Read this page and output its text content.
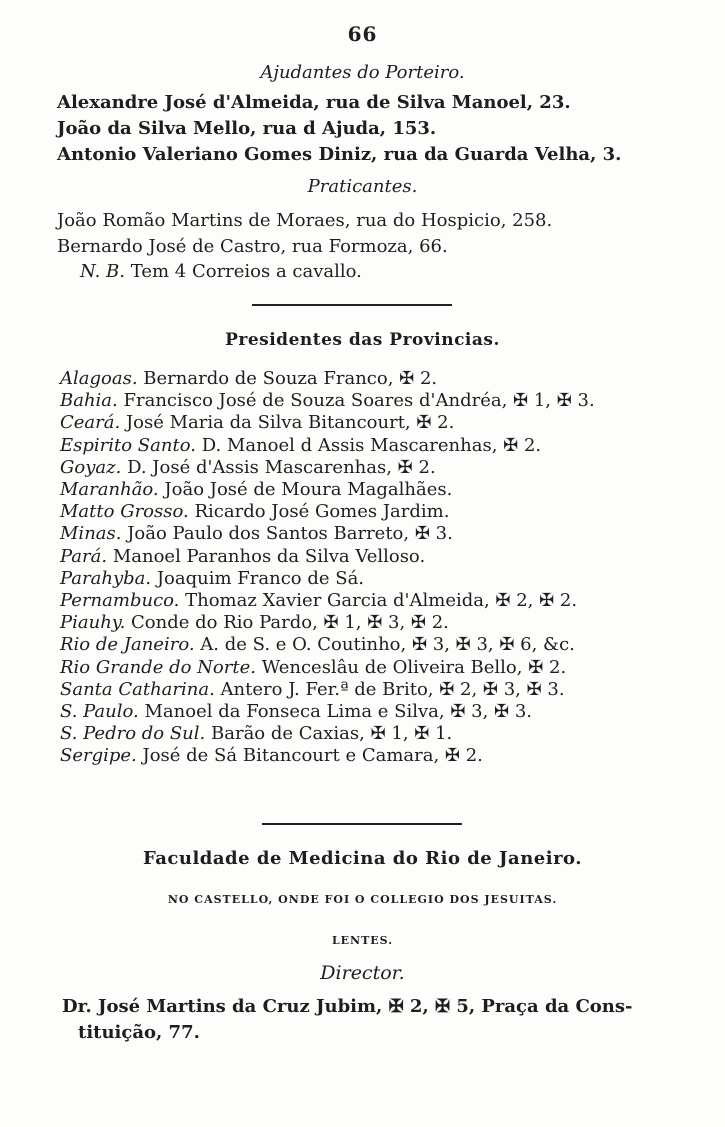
66
Ajudantes do Porteiro.
Alexandre José d'Almeida, rua de Silva Manoel, 23.
João da Silva Mello, rua d Ajuda, 153.
Antonio Valeriano Gomes Diniz, rua da Guarda Velha, 3.
Praticantes.
João Romão Martins de Moraes, rua do Hospicio, 258.
Bernardo José de Castro, rua Formoza, 66.
N. B. Tem 4 Correios a cavallo.
Presidentes das Provincias.
Alagoas. Bernardo de Souza Franco, ✠ 2.
Bahia. Francisco José de Souza Soares d'Andréa, ✠ 1, ✠ 3.
Ceará. José Maria da Silva Bitancourt, ✠ 2.
Espirito Santo. D. Manoel d Assis Mascarenhas, ✠ 2.
Goyaz. D. José d'Assis Mascarenhas, ✠ 2.
Maranhão. João José de Moura Magalhães.
Matto Grosso. Ricardo José Gomes Jardim.
Minas. João Paulo dos Santos Barreto, ✠ 3.
Pará. Manoel Paranhos da Silva Velloso.
Parahyba. Joaquim Franco de Sá.
Pernambuco. Thomaz Xavier Garcia d'Almeida, ✠ 2, ✠ 2.
Piauhy. Conde do Rio Pardo, ✠ 1, ✠ 3, ✠ 2.
Rio de Janeiro. A. de S. e O. Coutinho, ✠ 3, ✠ 3, ✠ 6, &c.
Rio Grande do Norte. Wenceslâu de Oliveira Bello, ✠ 2.
Santa Catharina. Antero J. Fer.ª de Brito, ✠ 2, ✠ 3, ✠ 3.
S. Paulo. Manoel da Fonseca Lima e Silva, ✠ 3, ✠ 3.
S. Pedro do Sul. Barão de Caxias, ✠ 1, ✠ 1.
Sergipe. José de Sá Bitancourt e Camara, ✠ 2.
Faculdade de Medicina do Rio de Janeiro.
NO CASTELLO, ONDE FOI O COLLEGIO DOS JESUITAS.
LENTES.
Director.
Dr. José Martins da Cruz Jubim, ✠ 2, ✠ 5, Praça da Cons-
tituição, 77.
